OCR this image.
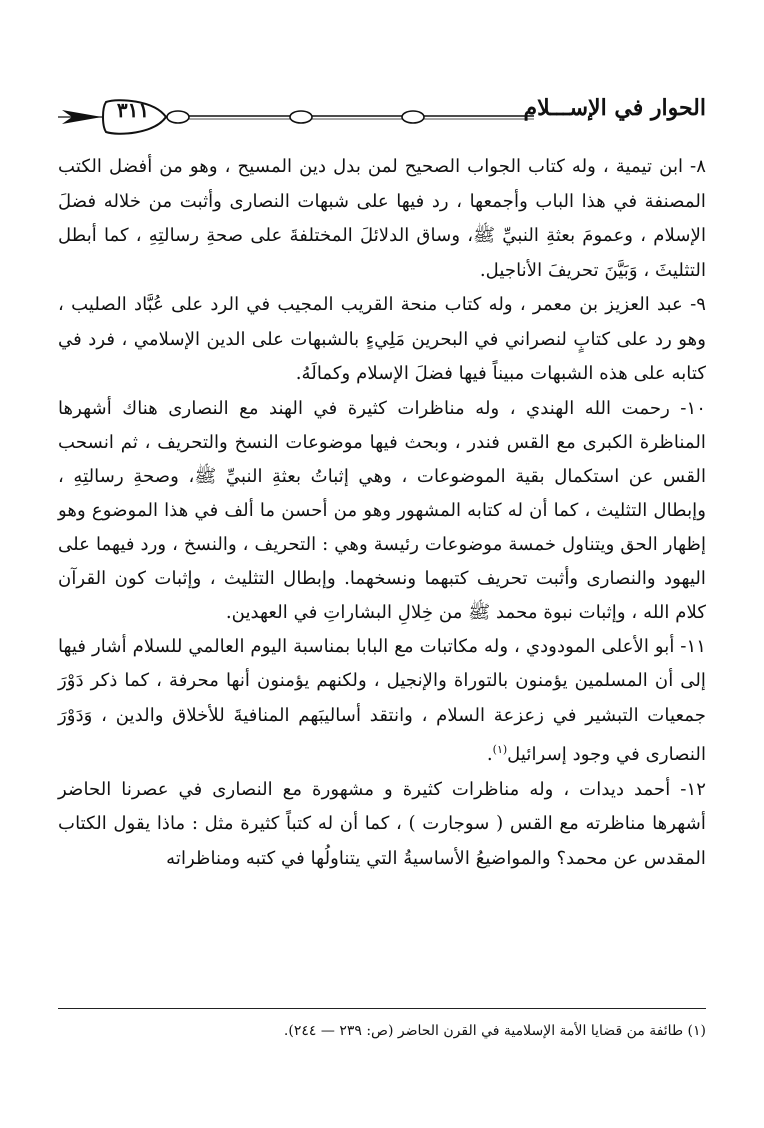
٣١١	الحوار في الإســـلام

٨- ابن تيمية ، وله كتاب الجواب الصحيح لمن بدل دين المسيح ، وهو من أفضل الكتب المصنفة في هذا الباب وأجمعها ، رد فيها على شبهات النصارى وأثبت من خلاله فضلَ الإسلام ، وعمومَ بعثةِ النبيِّ ﷺ، وساق الدلائلَ المختلفةَ على صحةِ رسالتِهِ ، كما أبطل التثليثَ ، وَبَيَّنَ تحريفَ الأناجيل.

٩- عبد العزيز بن معمر ، وله كتاب منحة القريب المجيب في الرد على عُبَّاد الصليب ، وهو رد على كتابٍ لنصراني في البحرين مَلِيءٍ بالشبهات على الدين الإسلامي ، فرد في كتابه على هذه الشبهات مبيناً فيها فضلَ الإسلام وكمالَهُ.

١٠- رحمت الله الهندي ، وله مناظرات كثيرة في الهند مع النصارى هناك أشهرها المناظرة الكبرى مع القس فندر ، وبحث فيها موضوعات النسخ والتحريف ، ثم انسحب القس عن استكمال بقية الموضوعات ، وهي إثباتُ بعثةِ النبيِّ ﷺ، وصحةِ رسالتِهِ ، وإبطال التثليث ، كما أن له كتابه المشهور وهو من أحسن ما ألف في هذا الموضوع وهو إظهار الحق ويتناول خمسة موضوعات رئيسة وهي : التحريف ، والنسخ ، ورد فيهما على اليهود والنصارى وأثبت تحريف كتبهما ونسخهما. وإبطال التثليث ، وإثبات كون القرآن كلام الله ، وإثبات نبوة محمد ﷺ من خِلالِ البشاراتِ في العهدين.

١١- أبو الأعلى المودودي ، وله مكاتبات مع البابا بمناسبة اليوم العالمي للسلام أشار فيها إلى أن المسلمين يؤمنون بالتوراة والإنجيل ، ولكنهم يؤمنون أنها محرفة ، كما ذكر دَوْرَ جمعيات التبشير في زعزعة السلام ، وانتقد أساليبَهم المنافيةَ للأخلاق والدين ، وَدَوْرَ النصارى في وجود إسرائيل$^{(١)}$.

١٢- أحمد ديدات ، وله مناظرات كثيرة و مشهورة مع النصارى في عصرنا الحاضر أشهرها مناظرته مع القس ( سوجارت ) ، كما أن له كتباً كثيرة مثل : ماذا يقول الكتاب المقدس عن محمد؟ والمواضيعُ الأساسيةُ التي يتناولُها في كتبه ومناظراته

(١) طائفة من قضايا الأمة الإسلامية في القرن الحاضر (ص: ٢٣٩ — ٢٤٤).
